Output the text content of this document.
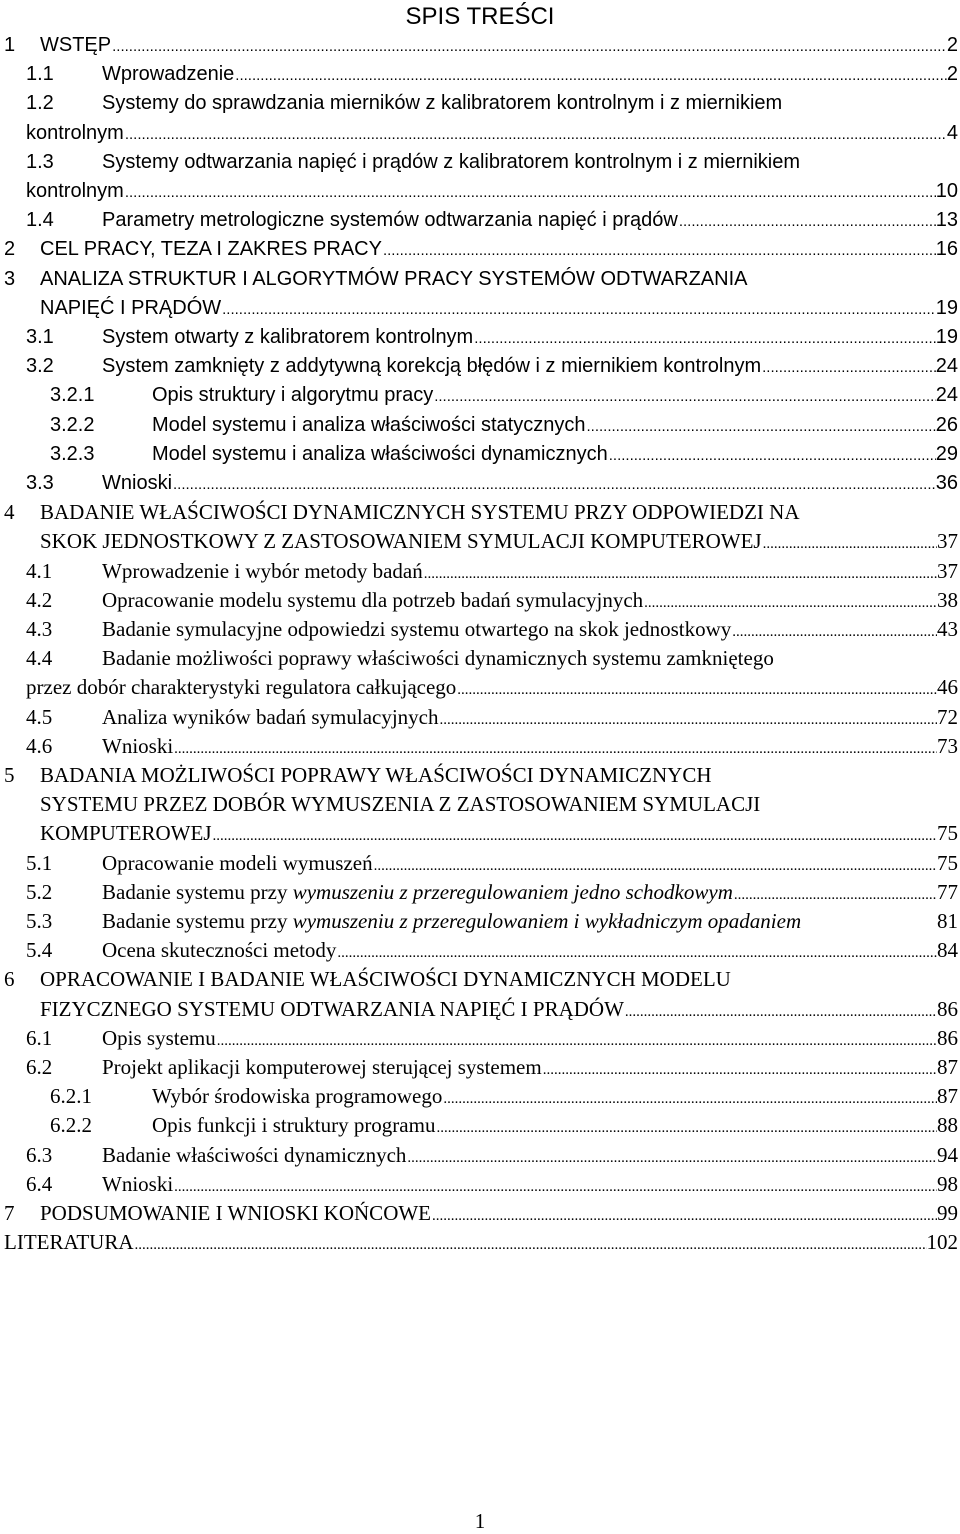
SPIS TREŚCI
1 WSTĘP .....	2
1.1 Wprowadzenie .....	2
1.2 Systemy do sprawdzania mierników z kalibratorem kontrolnym i z miernikiem
kontrolnym .....	4
1.3 Systemy odtwarzania napięć i prądów z kalibratorem kontrolnym i z miernikiem
kontrolnym .....	10
1.4 Parametry metrologiczne systemów odtwarzania napięć i prądów .....	13
2 CEL PRACY, TEZA I ZAKRES PRACY .....	16
3 ANALIZA STRUKTUR I ALGORYTMÓW PRACY SYSTEMÓW ODTWARZANIA
NAPIĘĆ I PRĄDÓW .....	19
3.1 System otwarty z kalibratorem kontrolnym .....	19
3.2 System zamknięty z addytywną korekcją błędów i z miernikiem kontrolnym .....	24
3.2.1	Opis struktury i algorytmu pracy .....	24
3.2.2	Model systemu i analiza właściwości statycznych .....	26
3.2.3	Model systemu i analiza właściwości dynamicznych .....	29
3.3 Wnioski .....	36
4 BADANIE WŁAŚCIWOŚCI DYNAMICZNYCH SYSTEMU PRZY ODPOWIEDZI NA
SKOK JEDNOSTKOWY Z ZASTOSOWANIEM SYMULACJI KOMPUTEROWEJ .....	37
4.1 Wprowadzenie i wybór metody badań .....	37
4.2 Opracowanie modelu systemu dla potrzeb badań symulacyjnych .....	38
4.3 Badanie symulacyjne odpowiedzi systemu otwartego na skok jednostkowy .....	43
4.4 Badanie możliwości poprawy właściwości dynamicznych systemu zamkniętego
przez dobór charakterystyki regulatora całkującego .....	46
4.5 Analiza wyników badań symulacyjnych .....	72
4.6 Wnioski .....	73
5 BADANIA MOŻLIWOŚCI POPRAWY WŁAŚCIWOŚCI DYNAMICZNYCH
SYSTEMU PRZEZ DOBÓR WYMUSZENIA Z ZASTOSOWANIEM SYMULACJI
KOMPUTEROWEJ .....	75
5.1 Opracowanie modeli wymuszeń .....	75
5.2 Badanie systemu przy wymuszeniu z przeregulowaniem jedno schodkowym .....	77
5.3 Badanie systemu przy wymuszeniu z przeregulowaniem i wykładniczym opadaniem	81
5.4 Ocena skuteczności metody .....	84
6 OPRACOWANIE I BADANIE WŁAŚCIWOŚCI DYNAMICZNYCH MODELU
FIZYCZNEGO SYSTEMU ODTWARZANIA NAPIĘĆ I PRĄDÓW .....	86
6.1 Opis systemu .....	86
6.2 Projekt aplikacji komputerowej sterującej systemem .....	87
6.2.1	Wybór środowiska programowego .....	87
6.2.2	Opis funkcji i struktury programu .....	88
6.3 Badanie właściwości dynamicznych .....	94
6.4 Wnioski .....	98
7 PODSUMOWANIE I WNIOSKI KOŃCOWE .....	99
LITERATURA .....	102
1
